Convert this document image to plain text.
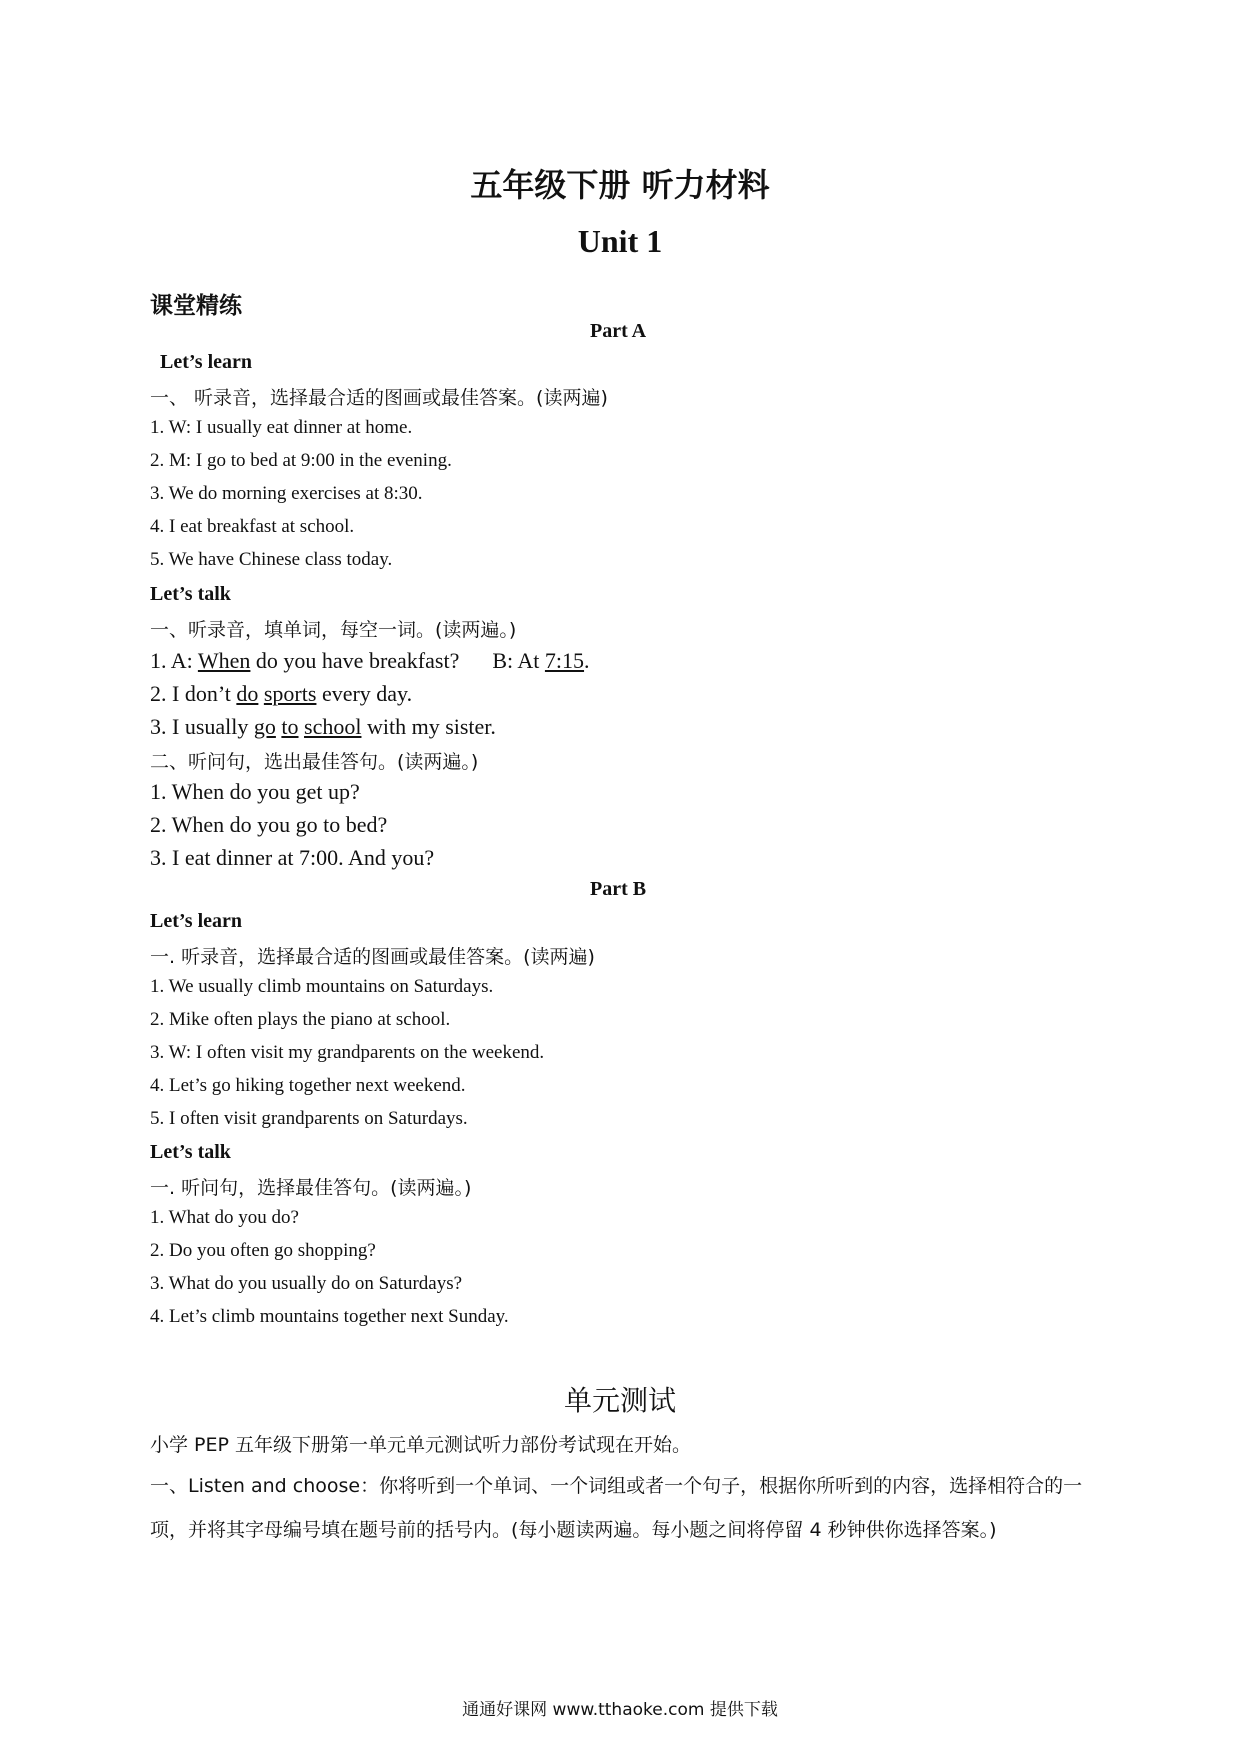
五年级下册 听力材料
Unit 1
课堂精练
Part A
Let’s learn
一、 听录音，选择最合适的图画或最佳答案。(读两遍)
1. W: I usually eat dinner at home.
2. M: I go to bed at 9:00 in the evening.
3. We do morning exercises at 8:30.
4. I eat breakfast at school.
5. We have Chinese class today.
Let’s talk
一、听录音，填单词，每空一词。(读两遍。)
1. A: When do you have breakfast?      B: At 7:15.
2. I don’t do sports every day.
3. I usually go to school with my sister.
二、听问句，选出最佳答句。(读两遍。)
1. When do you get up?
2. When do you go to bed?
3. I eat dinner at 7:00. And you?
Part B
Let’s learn
一. 听录音，选择最合适的图画或最佳答案。(读两遍)
1. We usually climb mountains on Saturdays.
2. Mike often plays the piano at school.
3. W: I often visit my grandparents on the weekend.
4. Let’s go hiking together next weekend.
5. I often visit grandparents on Saturdays.
Let’s talk
一. 听问句，选择最佳答句。(读两遍。)
1. What do you do?
2. Do you often go shopping?
3. What do you usually do on Saturdays?
4. Let’s climb mountains together next Sunday.
单元测试
小学 PEP 五年级下册第一单元单元测试听力部份考试现在开始。
一、Listen and choose：你将听到一个单词、一个词组或者一个句子，根据你所听到的内容，选择相符合的一项，并将其字母编号填在题号前的括号内。(每小题读两遍。每小题之间将停留 4 秒钟供你选择答案。)
通通好课网 www.tthaoke.com 提供下载
